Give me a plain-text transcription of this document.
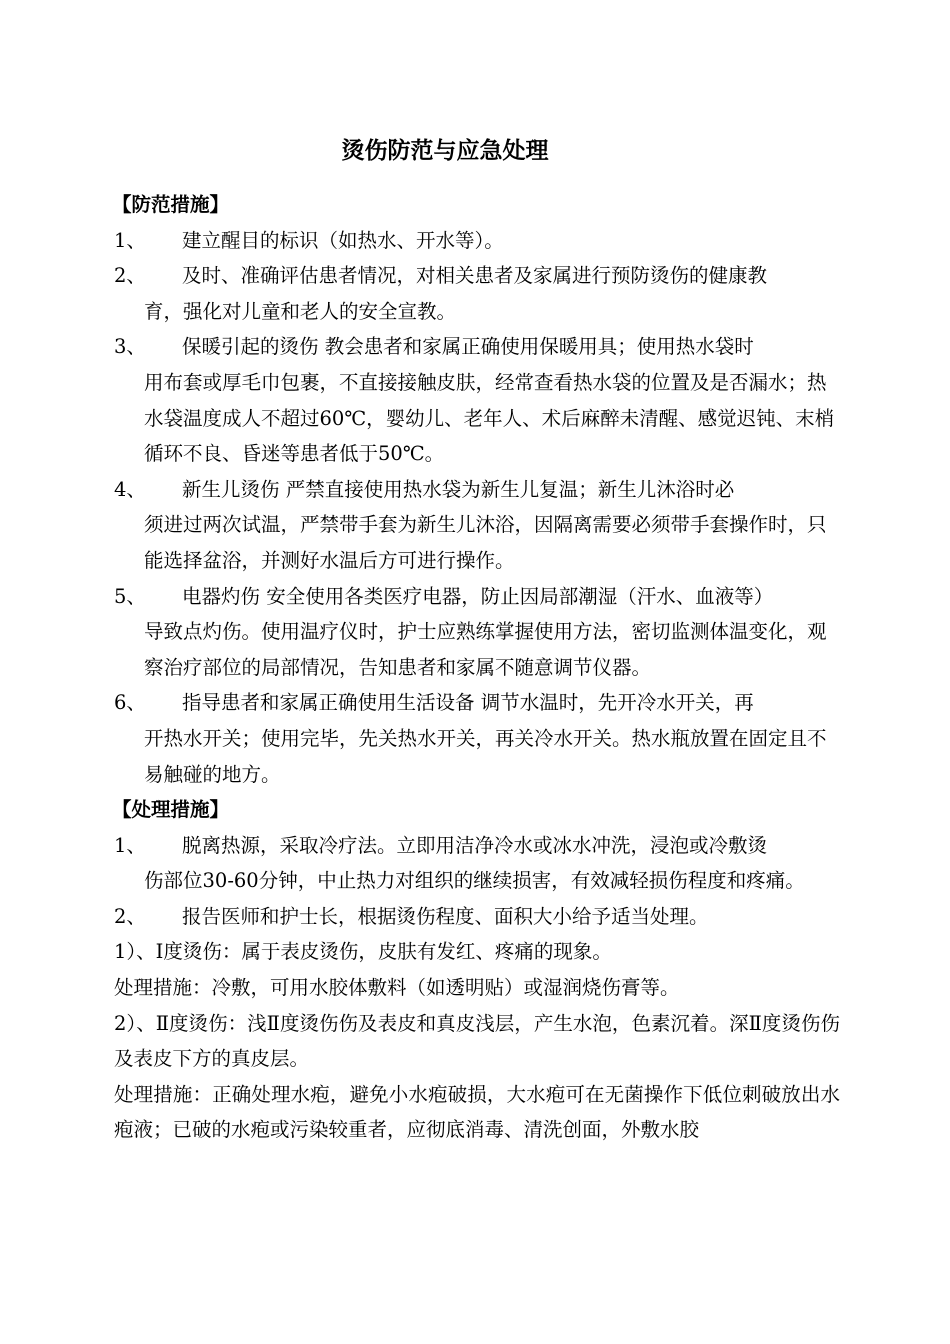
烫伤防范与应急处理
【防范措施】
1、	建立醒目的标识（如热水、开水等）。
2、	及时、准确评估患者情况，对相关患者及家属进行预防烫伤的健康教
育，强化对儿童和老人的安全宣教。
3、	保暖引起的烫伤 教会患者和家属正确使用保暖用具；使用热水袋时
用布套或厚毛巾包裹，不直接接触皮肤，经常查看热水袋的位置及是否漏水；热水袋温度成人不超过60℃，婴幼儿、老年人、术后麻醉未清醒、感觉迟钝、末梢循环不良、昏迷等患者低于50℃。
4、	新生儿烫伤 严禁直接使用热水袋为新生儿复温；新生儿沐浴时必
须进过两次试温，严禁带手套为新生儿沐浴，因隔离需要必须带手套操作时，只能选择盆浴，并测好水温后方可进行操作。
5、	电器灼伤 安全使用各类医疗电器，防止因局部潮湿（汗水、血液等）
导致点灼伤。使用温疗仪时，护士应熟练掌握使用方法，密切监测体温变化，观察治疗部位的局部情况，告知患者和家属不随意调节仪器。
6、	指导患者和家属正确使用生活设备 调节水温时，先开冷水开关，再
开热水开关；使用完毕，先关热水开关，再关冷水开关。热水瓶放置在固定且不易触碰的地方。
【处理措施】
1、	脱离热源，采取冷疗法。立即用洁净冷水或冰水冲洗，浸泡或冷敷烫
伤部位30-60分钟，中止热力对组织的继续损害，有效减轻损伤程度和疼痛。
2、	报告医师和护士长，根据烫伤程度、面积大小给予适当处理。
1）、Ⅰ度烫伤：属于表皮烫伤，皮肤有发红、疼痛的现象。
处理措施：冷敷，可用水胶体敷料（如透明贴）或湿润烧伤膏等。
2）、Ⅱ度烫伤：浅Ⅱ度烫伤伤及表皮和真皮浅层，产生水泡，色素沉着。深Ⅱ度烫伤伤及表皮下方的真皮层。
处理措施：正确处理水疱，避免小水疱破损，大水疱可在无菌操作下低位刺破放出水疱液；已破的水疱或污染较重者，应彻底消毒、清洗创面，外敷水胶
